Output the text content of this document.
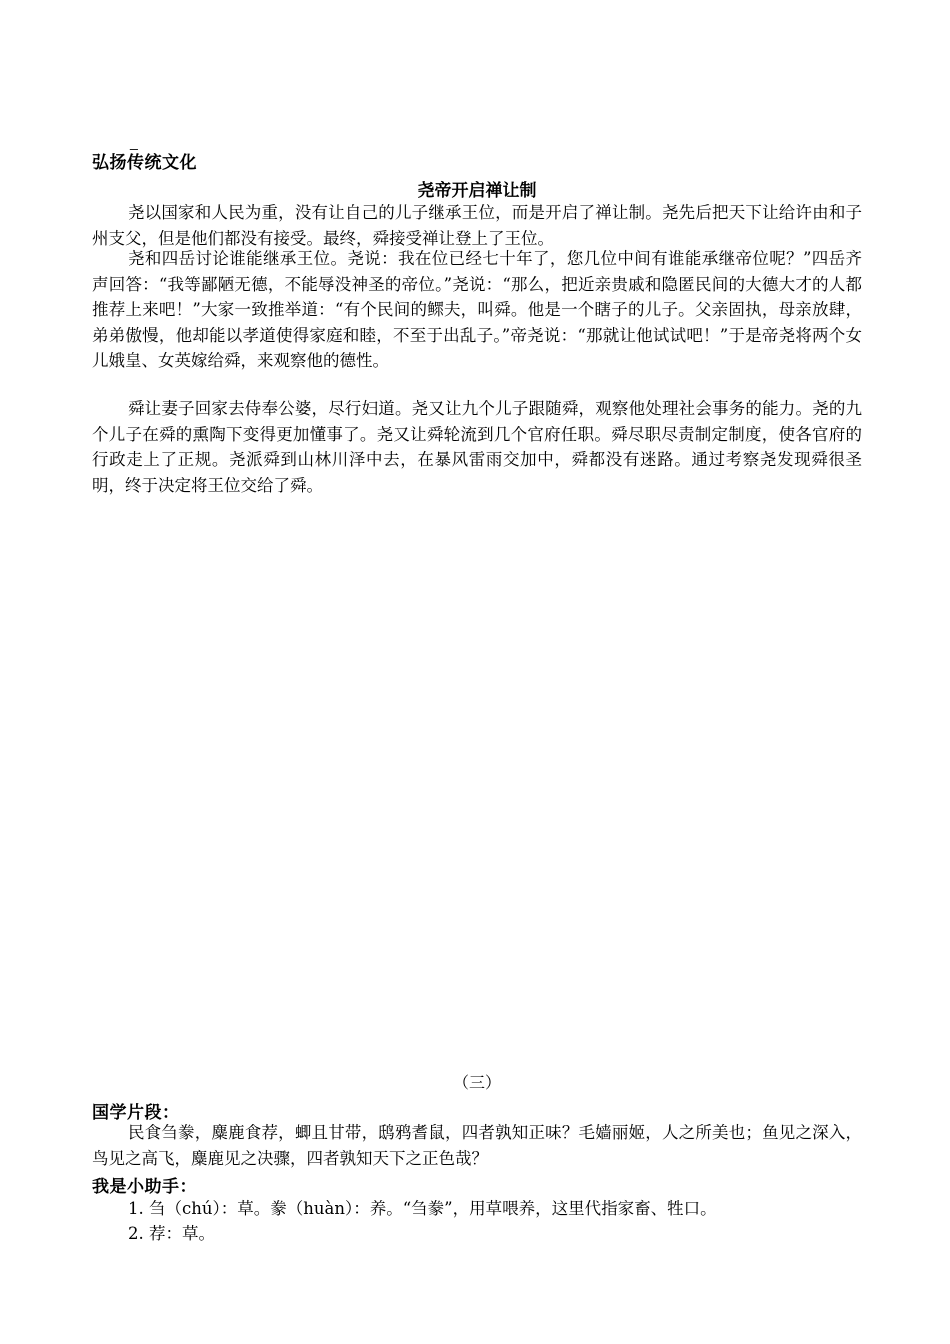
_
弘扬传统文化
尧帝开启禅让制

尧以国家和人民为重，没有让自己的儿子继承王位，而是开启了禅让制。尧先后把天下让给许由和子州支父，但是他们都没有接受。最终，舜接受禅让登上了王位。

尧和四岳讨论谁能继承王位。尧说：我在位已经七十年了，您几位中间有谁能承继帝位呢？”四岳齐声回答：“我等鄙陋无德，不能辱没神圣的帝位。”尧说：“那么，把近亲贵戚和隐匿民间的大德大才的人都推荐上来吧！”大家一致推举道：“有个民间的鳏夫，叫舜。他是一个瞎子的儿子。父亲固执，母亲放肆，弟弟傲慢，他却能以孝道使得家庭和睦，不至于出乱子。”帝尧说：“那就让他试试吧！”于是帝尧将两个女儿娥皇、女英嫁给舜，来观察他的德性。

舜让妻子回家去侍奉公婆，尽行妇道。尧又让九个儿子跟随舜，观察他处理社会事务的能力。尧的九个儿子在舜的熏陶下变得更加懂事了。尧又让舜轮流到几个官府任职。舜尽职尽责制定制度，使各官府的行政走上了正规。尧派舜到山林川泽中去，在暴风雷雨交加中，舜都没有迷路。通过考察尧发现舜很圣明，终于决定将王位交给了舜。

（三）
国学片段：

民食刍豢，麋鹿食荐，蝍且甘带，鸱鸦耆鼠，四者孰知正味？毛嫱丽姬，人之所美也；鱼见之深入，鸟见之高飞，麋鹿见之决骤，四者孰知天下之正色哉？

我是小助手：
1. 刍（chú）：草。豢（huàn）：养。“刍豢”，用草喂养，这里代指家畜、牲口。
2. 荐：草。
